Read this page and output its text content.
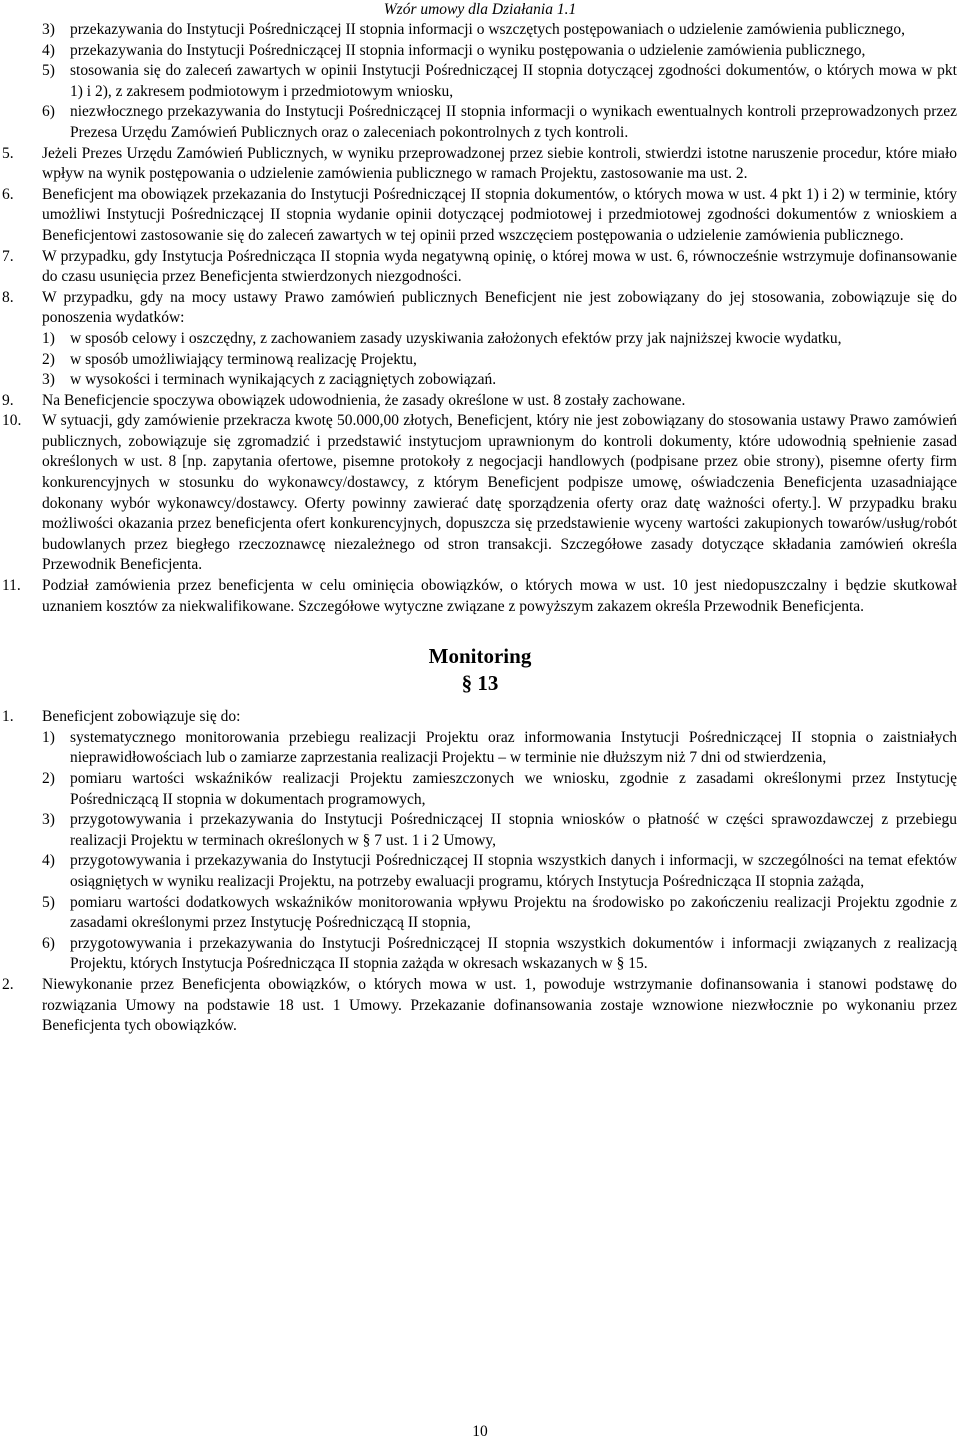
Wzór umowy dla Działania 1.1
3) przekazywania do Instytucji Pośredniczącej II stopnia informacji o wszczętych postępowaniach o udzielenie zamówienia publicznego,
4) przekazywania do Instytucji Pośredniczącej II stopnia informacji o wyniku postępowania o udzielenie zamówienia publicznego,
5) stosowania się do zaleceń zawartych w opinii Instytucji Pośredniczącej II stopnia dotyczącej zgodności dokumentów, o których mowa w pkt 1) i 2), z zakresem podmiotowym i przedmiotowym wniosku,
6) niezwłocznego przekazywania do Instytucji Pośredniczącej II stopnia informacji o wynikach ewentualnych kontroli przeprowadzonych przez Prezesa Urzędu Zamówień Publicznych oraz o zaleceniach pokontrolnych z tych kontroli.
5. Jeżeli Prezes Urzędu Zamówień Publicznych, w wyniku przeprowadzonej przez siebie kontroli, stwierdzi istotne naruszenie procedur, które miało wpływ na wynik postępowania o udzielenie zamówienia publicznego w ramach Projektu, zastosowanie ma ust. 2.
6. Beneficjent ma obowiązek przekazania do Instytucji Pośredniczącej II stopnia dokumentów, o których mowa w ust. 4 pkt 1) i 2) w terminie, który umożliwi Instytucji Pośredniczącej II stopnia wydanie opinii dotyczącej podmiotowej i przedmiotowej zgodności dokumentów z wnioskiem a Beneficjentowi zastosowanie się do zaleceń zawartych w tej opinii przed wszczęciem postępowania o udzielenie zamówienia publicznego.
7. W przypadku, gdy Instytucja Pośrednicząca II stopnia wyda negatywną opinię, o której mowa w ust. 6, równocześnie wstrzymuje dofinansowanie do czasu usunięcia przez Beneficjenta stwierdzonych niezgodności.
8. W przypadku, gdy na mocy ustawy Prawo zamówień publicznych Beneficjent nie jest zobowiązany do jej stosowania, zobowiązuje się do ponoszenia wydatków:
1) w sposób celowy i oszczędny, z zachowaniem zasady uzyskiwania założonych efektów przy jak najniższej kwocie wydatku,
2) w sposób umożliwiający terminową realizację Projektu,
3) w wysokości i terminach wynikających z zaciągniętych zobowiązań.
9. Na Beneficjencie spoczywa obowiązek udowodnienia, że zasady określone w ust. 8 zostały zachowane.
10. W sytuacji, gdy zamówienie przekracza kwotę 50.000,00 złotych, Beneficjent, który nie jest zobowiązany do stosowania ustawy Prawo zamówień publicznych, zobowiązuje się zgromadzić i przedstawić instytucjom uprawnionym do kontroli dokumenty, które udowodnią spełnienie zasad określonych w ust. 8 [np. zapytania ofertowe, pisemne protokoły z negocjacji handlowych (podpisane przez obie strony), pisemne oferty firm konkurencyjnych w stosunku do wykonawcy/dostawcy, z którym Beneficjent podpisze umowę, oświadczenia Beneficjenta uzasadniające dokonany wybór wykonawcy/dostawcy. Oferty powinny zawierać datę sporządzenia oferty oraz datę ważności oferty.]. W przypadku braku możliwości okazania przez beneficjenta ofert konkurencyjnych, dopuszcza się przedstawienie wyceny wartości zakupionych towarów/usług/robót budowlanych przez biegłego rzeczoznawcę niezależnego od stron transakcji. Szczegółowe zasady dotyczące składania zamówień określa Przewodnik Beneficjenta.
11. Podział zamówienia przez beneficjenta w celu ominięcia obowiązków, o których mowa w ust. 10 jest niedopuszczalny i będzie skutkował uznaniem kosztów za niekwalifikowane. Szczegółowe wytyczne związane z powyższym zakazem określa Przewodnik Beneficjenta.
Monitoring
§ 13
1. Beneficjent zobowiązuje się do:
1) systematycznego monitorowania przebiegu realizacji Projektu oraz informowania Instytucji Pośredniczącej II stopnia o zaistniałych nieprawidłowościach lub o zamiarze zaprzestania realizacji Projektu – w terminie nie dłuższym niż 7 dni od stwierdzenia,
2) pomiaru wartości wskaźników realizacji Projektu zamieszczonych we wniosku, zgodnie z zasadami określonymi przez Instytucję Pośredniczącą II stopnia w dokumentach programowych,
3) przygotowywania i przekazywania do Instytucji Pośredniczącej II stopnia wniosków o płatność w części sprawozdawczej z przebiegu realizacji Projektu w terminach określonych w § 7 ust. 1 i 2 Umowy,
4) przygotowywania i przekazywania do Instytucji Pośredniczącej II stopnia wszystkich danych i informacji, w szczególności na temat efektów osiągniętych w wyniku realizacji Projektu, na potrzeby ewaluacji programu, których Instytucja Pośrednicząca II stopnia zażąda,
5) pomiaru wartości dodatkowych wskaźników monitorowania wpływu Projektu na środowisko po zakończeniu realizacji Projektu zgodnie z zasadami określonymi przez Instytucję Pośredniczącą II stopnia,
6) przygotowywania i przekazywania do Instytucji Pośredniczącej II stopnia wszystkich dokumentów i informacji związanych z realizacją Projektu, których Instytucja Pośrednicząca II stopnia zażąda w okresach wskazanych w § 15.
2. Niewykonanie przez Beneficjenta obowiązków, o których mowa w ust. 1, powoduje wstrzymanie dofinansowania i stanowi podstawę do rozwiązania Umowy na podstawie 18 ust. 1 Umowy. Przekazanie dofinansowania zostaje wznowione niezwłocznie po wykonaniu przez Beneficjenta tych obowiązków.
10
